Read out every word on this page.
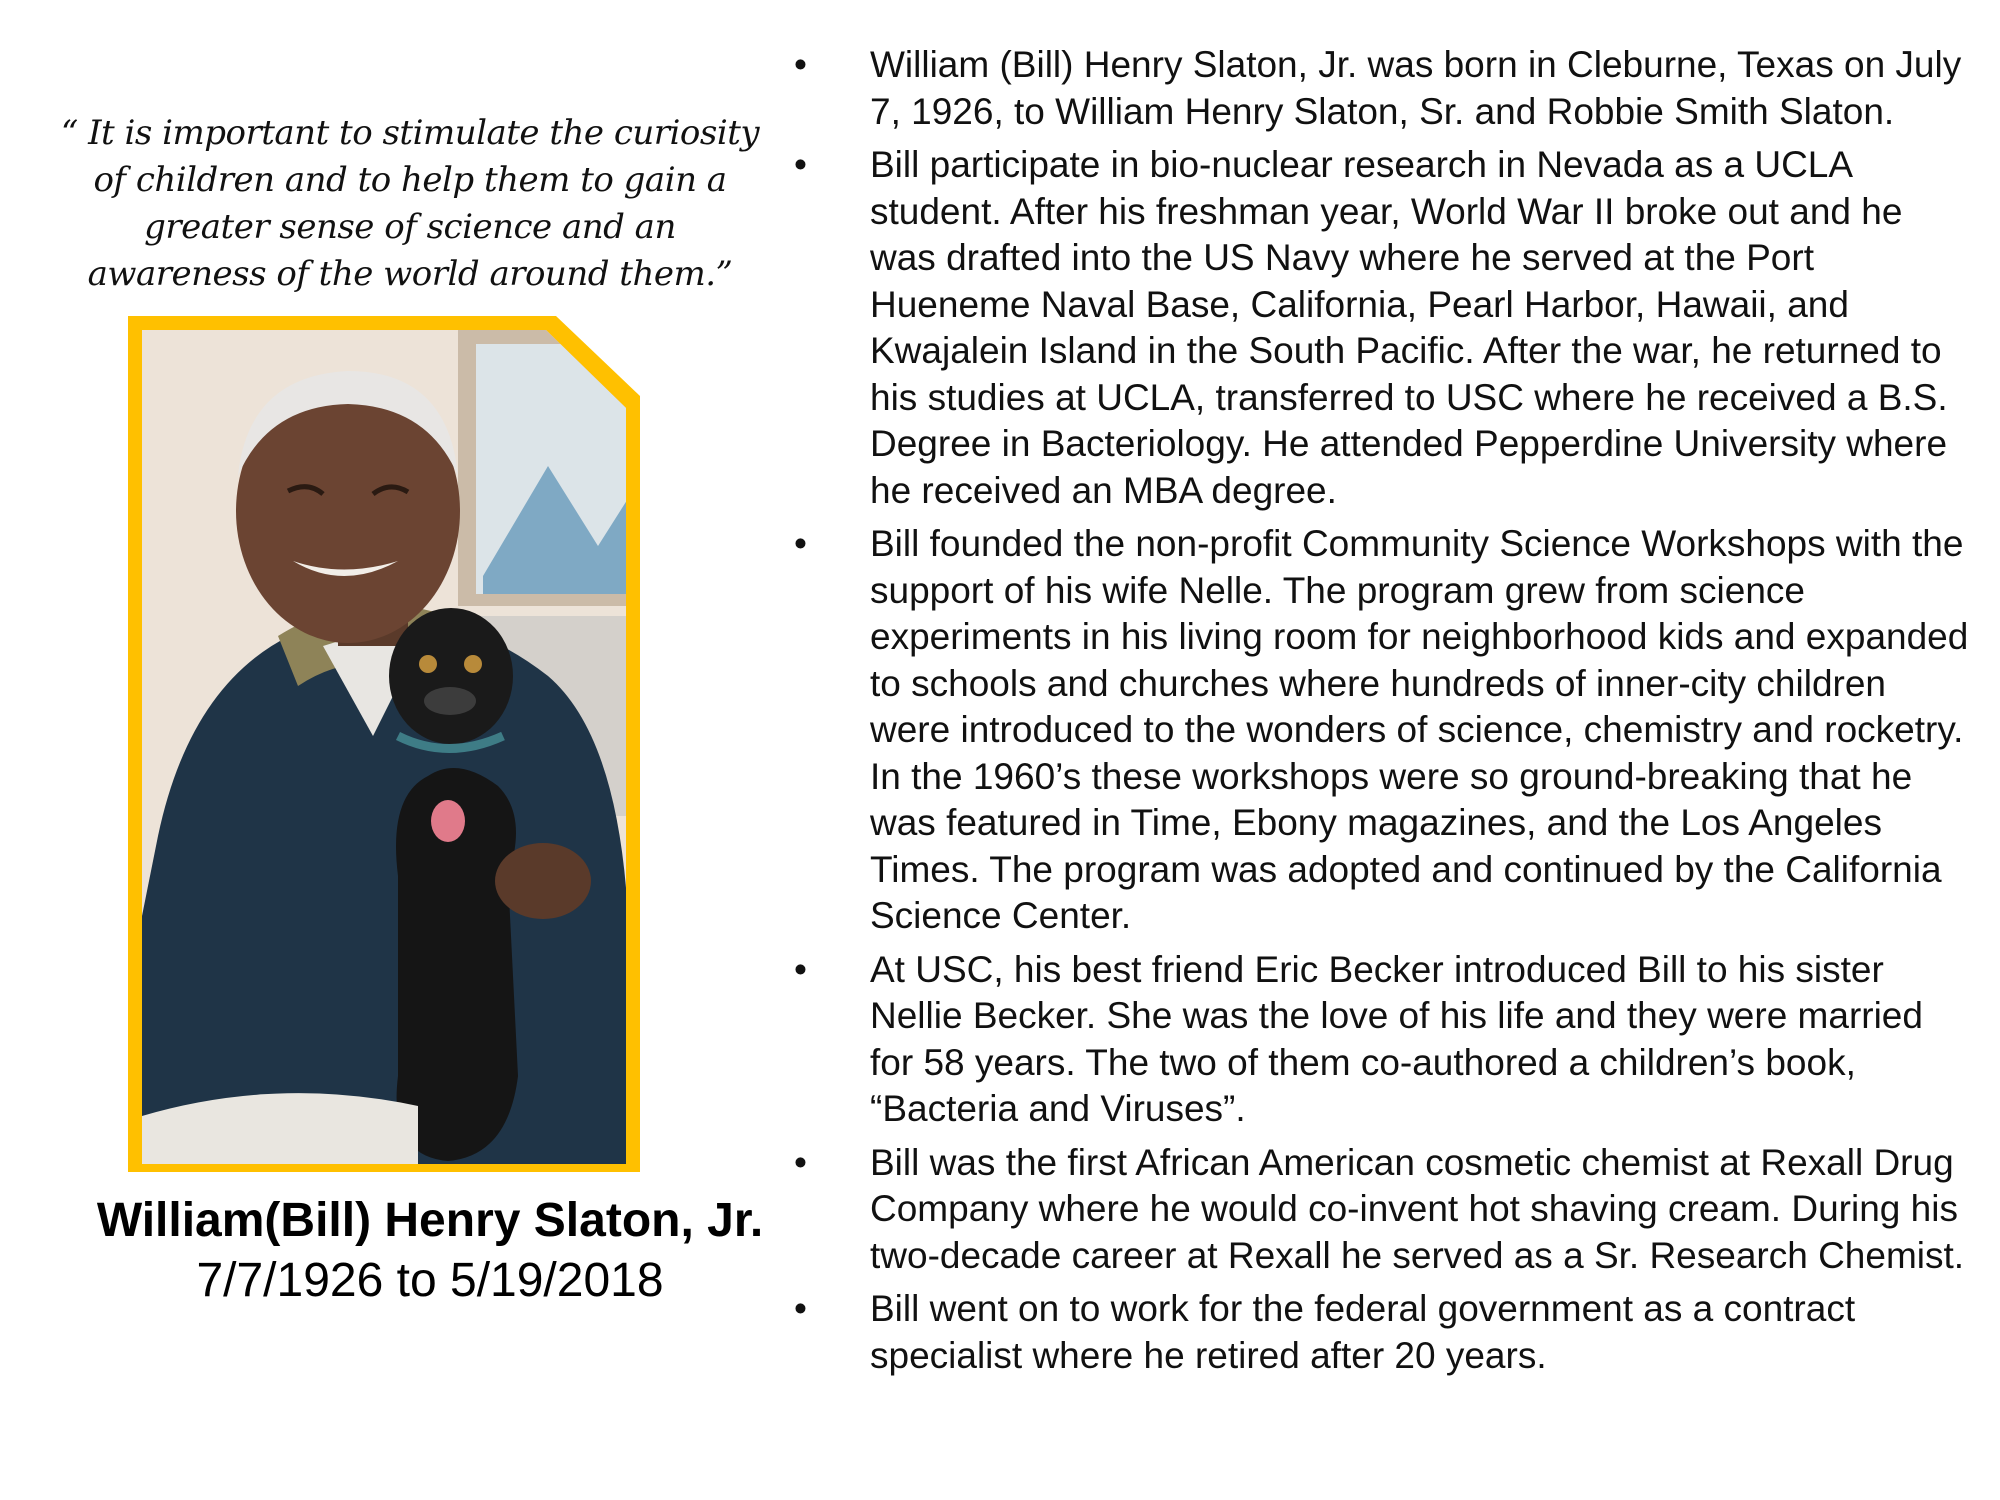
“ It is important to stimulate the curiosity of children and to help them to gain a greater sense of science and an awareness of the world around them.”
William(Bill) Henry Slaton, Jr.
7/7/1926 to 5/19/2018
•	William (Bill) Henry Slaton, Jr. was born in Cleburne, Texas on July 7, 1926, to William Henry Slaton, Sr. and Robbie Smith Slaton.
•	Bill participate in bio-nuclear research in Nevada as a UCLA student. After his freshman year, World War II broke out and he was drafted into the US Navy where he served at the Port Hueneme Naval Base, California, Pearl Harbor, Hawaii, and Kwajalein Island in the South Pacific. After the war, he returned to his studies at UCLA, transferred to USC where he received a B.S. Degree in Bacteriology. He attended Pepperdine University where he received an MBA degree.
•	Bill founded the non-profit Community Science Workshops with the support of his wife Nelle. The program grew from science experiments in his living room for neighborhood kids and expanded to schools and churches where hundreds of inner-city children were introduced to the wonders of science, chemistry and rocketry. In the 1960’s these workshops were so ground-breaking that he was featured in Time, Ebony magazines, and the Los Angeles Times. The program was adopted and continued by the California Science Center.
•	At USC, his best friend Eric Becker introduced Bill to his sister Nellie Becker. She was the love of his life and they were married for 58 years. The two of them co-authored a children’s book, “Bacteria and Viruses”.
•	Bill was the first African American cosmetic chemist at Rexall Drug Company where he would co-invent hot shaving cream. During his two-decade career at Rexall he served as a Sr. Research Chemist.
•	Bill went on to work for the federal government as a contract specialist where he retired after 20 years.
